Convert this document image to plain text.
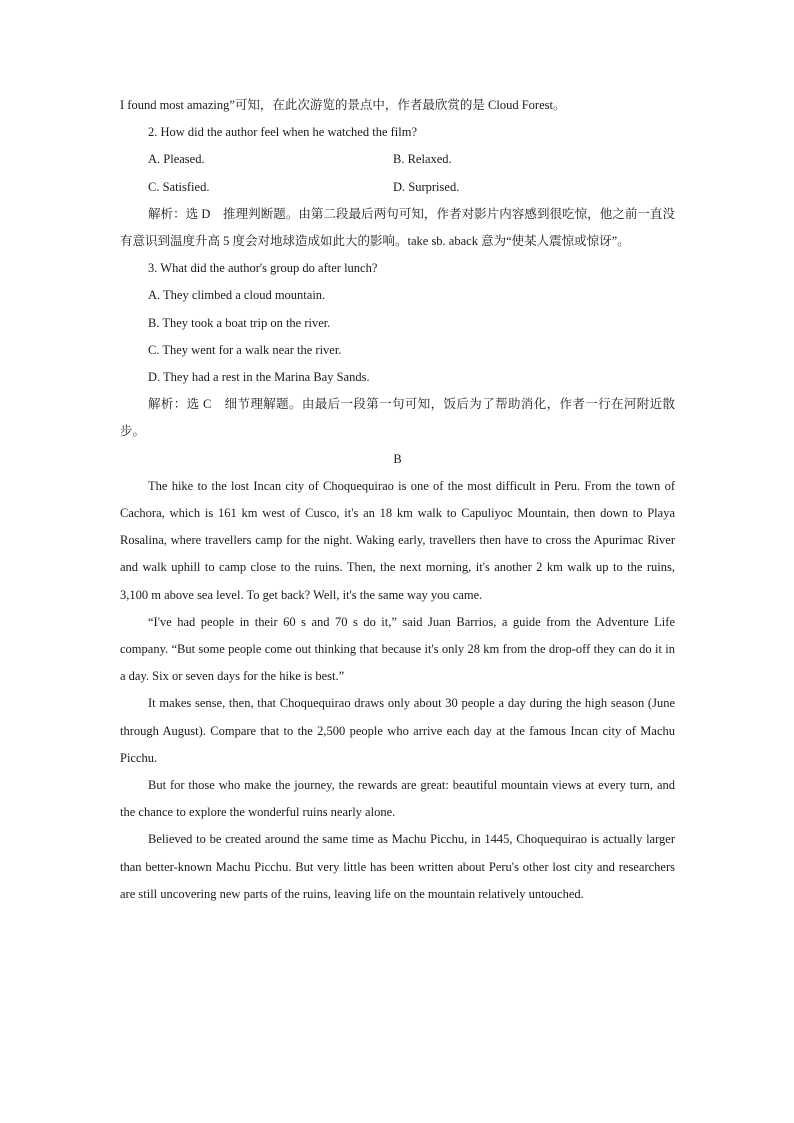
I found most amazing”可知，在此次游览的景点中，作者最欣赏的是 Cloud Forest。

2. How did the author feel when he watched the film?

A. Pleased.	B. Relaxed.
C. Satisfied.	D. Surprised.

解析：选 D　推理判断题。由第二段最后两句可知，作者对影片内容感到很吃惊，他之前一直没有意识到温度升高 5 度会对地球造成如此大的影响。take sb. aback 意为“使某人震惊或惊讶”。

3. What did the author's group do after lunch?

A. They climbed a cloud mountain.

B. They took a boat trip on the river.

C. They went for a walk near the river.

D. They had a rest in the Marina Bay Sands.

解析：选 C　细节理解题。由最后一段第一句可知，饭后为了帮助消化，作者一行在河附近散步。

B

The hike to the lost Incan city of Choquequirao is one of the most difficult in Peru. From the town of Cachora, which is 161 km west of Cusco, it's an 18 km walk to Capuliyoc Mountain, then down to Playa Rosalina, where travellers camp for the night. Waking early, travellers then have to cross the Apurimac River and walk uphill to camp close to the ruins. Then, the next morning, it's another 2 km walk up to the ruins, 3,100 m above sea level. To get back? Well, it's the same way you came.

“I've had people in their 60 s and 70 s do it,” said Juan Barrios, a guide from the Adventure Life company. “But some people come out thinking that because it's only 28 km from the drop-off they can do it in a day. Six or seven days for the hike is best.”

It makes sense, then, that Choquequirao draws only about 30 people a day during the high season (June through August). Compare that to the 2,500 people who arrive each day at the famous Incan city of Machu Picchu.

But for those who make the journey, the rewards are great: beautiful mountain views at every turn, and the chance to explore the wonderful ruins nearly alone.

Believed to be created around the same time as Machu Picchu, in 1445, Choquequirao is actually larger than better-known Machu Picchu. But very little has been written about Peru's other lost city and researchers are still uncovering new parts of the ruins, leaving life on the mountain relatively untouched.
